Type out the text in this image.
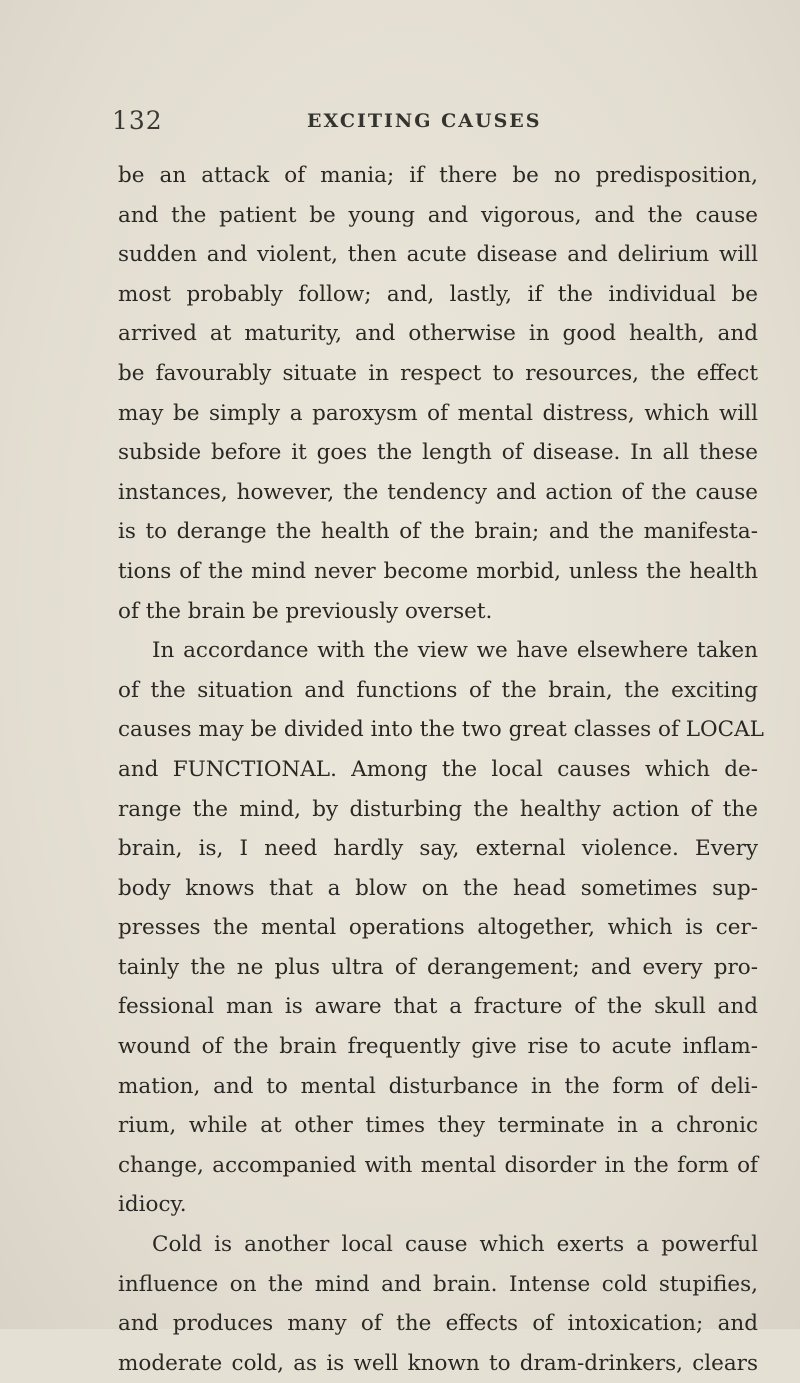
132	EXCITING CAUSES
be an attack of mania; if there be no predisposition,
and the patient be young and vigorous, and the cause
sudden and violent, then acute disease and delirium will
most probably follow; and, lastly, if the individual be
arrived at maturity, and otherwise in good health, and
be favourably situate in respect to resources, the effect
may be simply a paroxysm of mental distress, which will
subside before it goes the length of disease. In all these
instances, however, the tendency and action of the cause
is to derange the health of the brain; and the manifesta-
tions of the mind never become morbid, unless the health
of the brain be previously overset.
In accordance with the view we have elsewhere taken
of the situation and functions of the brain, the exciting
causes may be divided into the two great classes of LOCAL
and FUNCTIONAL. Among the local causes which de-
range the mind, by disturbing the healthy action of the
brain, is, I need hardly say, external violence. Every
body knows that a blow on the head sometimes sup-
presses the mental operations altogether, which is cer-
tainly the ne plus ultra of derangement; and every pro-
fessional man is aware that a fracture of the skull and
wound of the brain frequently give rise to acute inflam-
mation, and to mental disturbance in the form of deli-
rium, while at other times they terminate in a chronic
change, accompanied with mental disorder in the form of
idiocy.
Cold is another local cause which exerts a powerful
influence on the mind and brain. Intense cold stupifies,
and produces many of the effects of intoxication; and
moderate cold, as is well known to dram-drinkers, clears
